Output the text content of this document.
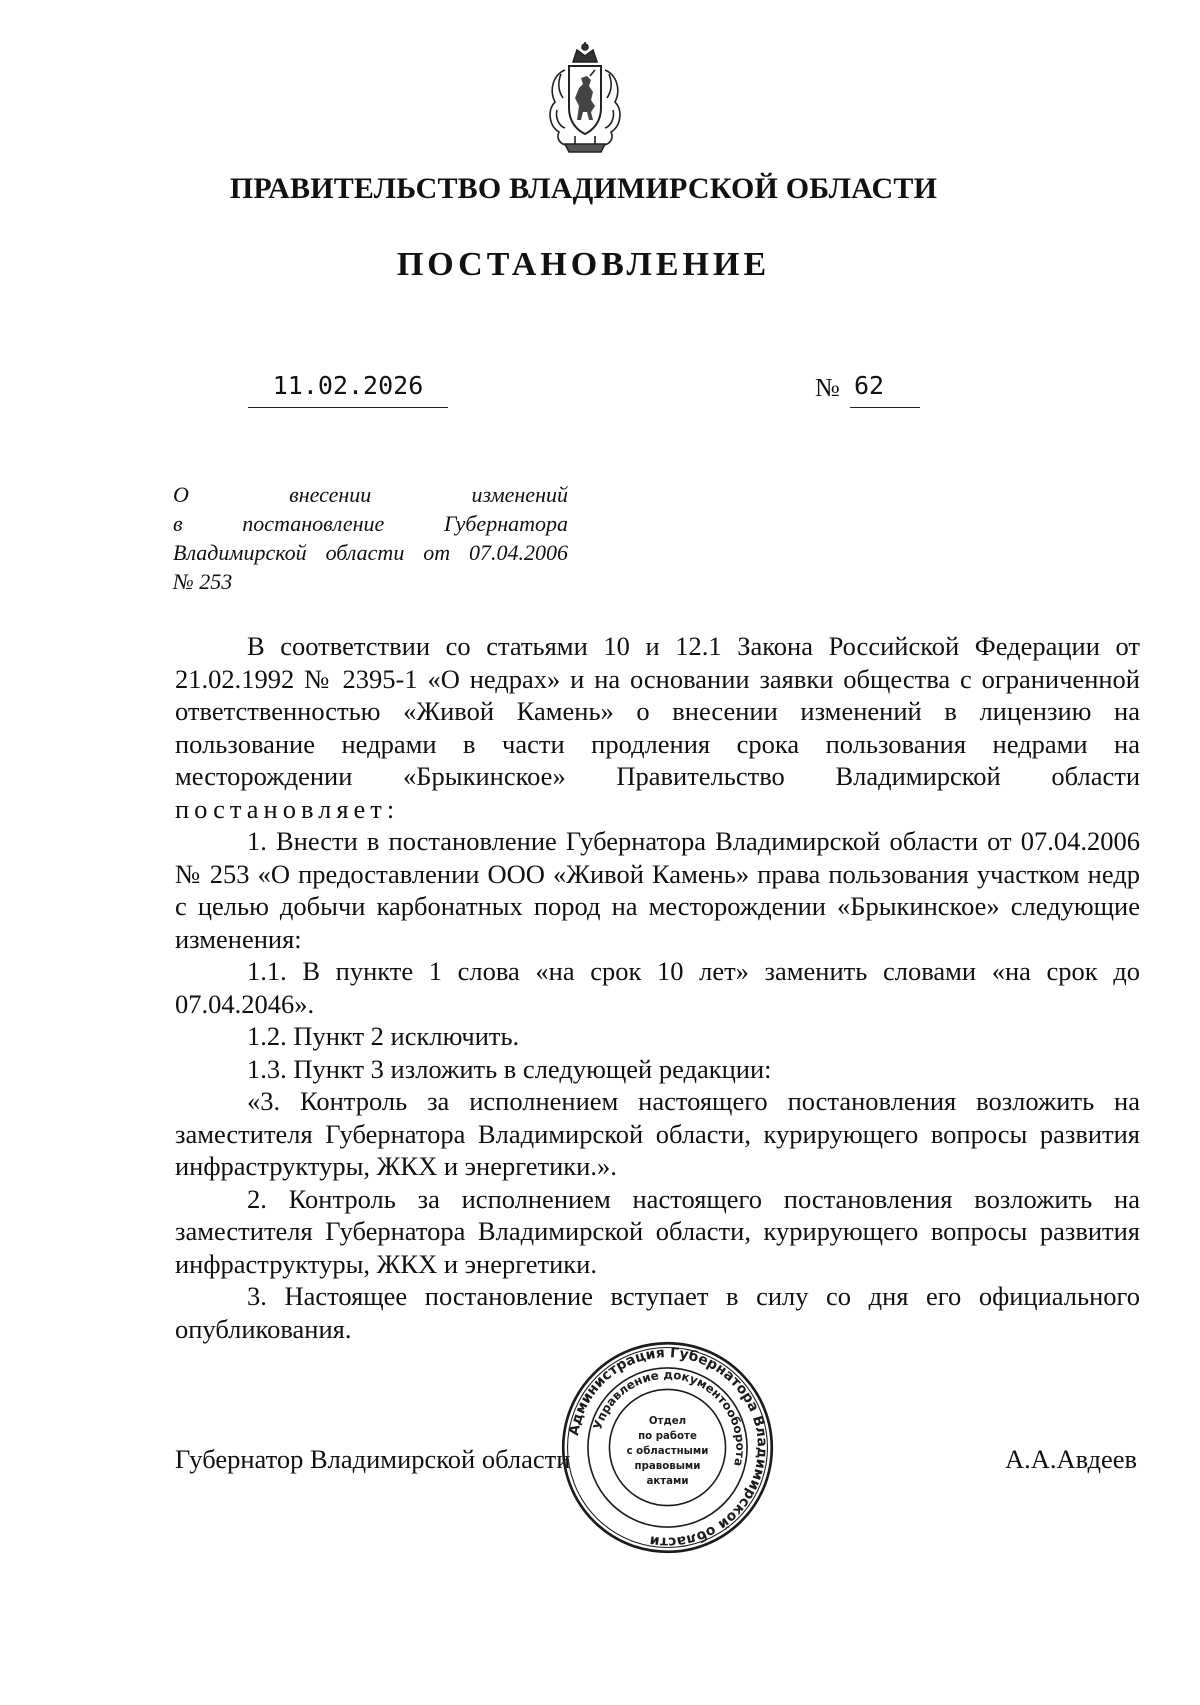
ПРАВИТЕЛЬСТВО ВЛАДИМИРСКОЙ ОБЛАСТИ
ПОСТАНОВЛЕНИЕ
11.02.2026	№ 62
О внесении изменений
в постановление Губернатора
Владимирской области от 07.04.2006
№ 253

В соответствии со статьями 10 и 12.1 Закона Российской Федерации от 21.02.1992 № 2395-1 «О недрах» и на основании заявки общества с ограниченной ответственностью «Живой Камень» о внесении изменений в лицензию на пользование недрами в части продления срока пользования недрами на месторождении «Брыкинское» Правительство Владимирской области постановляет:

1. Внести в постановление Губернатора Владимирской области от 07.04.2006 № 253 «О предоставлении ООО «Живой Камень» права пользования участком недр с целью добычи карбонатных пород на месторождении «Брыкинское» следующие изменения:

1.1. В пункте 1 слова «на срок 10 лет» заменить словами «на срок до 07.04.2046».

1.2. Пункт 2 исключить.

1.3. Пункт 3 изложить в следующей редакции:

«3. Контроль за исполнением настоящего постановления возложить на заместителя Губернатора Владимирской области, курирующего вопросы развития инфраструктуры, ЖКХ и энергетики.».

2. Контроль за исполнением настоящего постановления возложить на заместителя Губернатора Владимирской области, курирующего вопросы развития инфраструктуры, ЖКХ и энергетики.

3. Настоящее постановление вступает в силу со дня его официального опубликования.

Губернатор Владимирской области	А.А.Авдеев
Администрация Губернатора Владимирской области
Управление документооборота
Отдел
по работе
с областными
правовыми
актами
